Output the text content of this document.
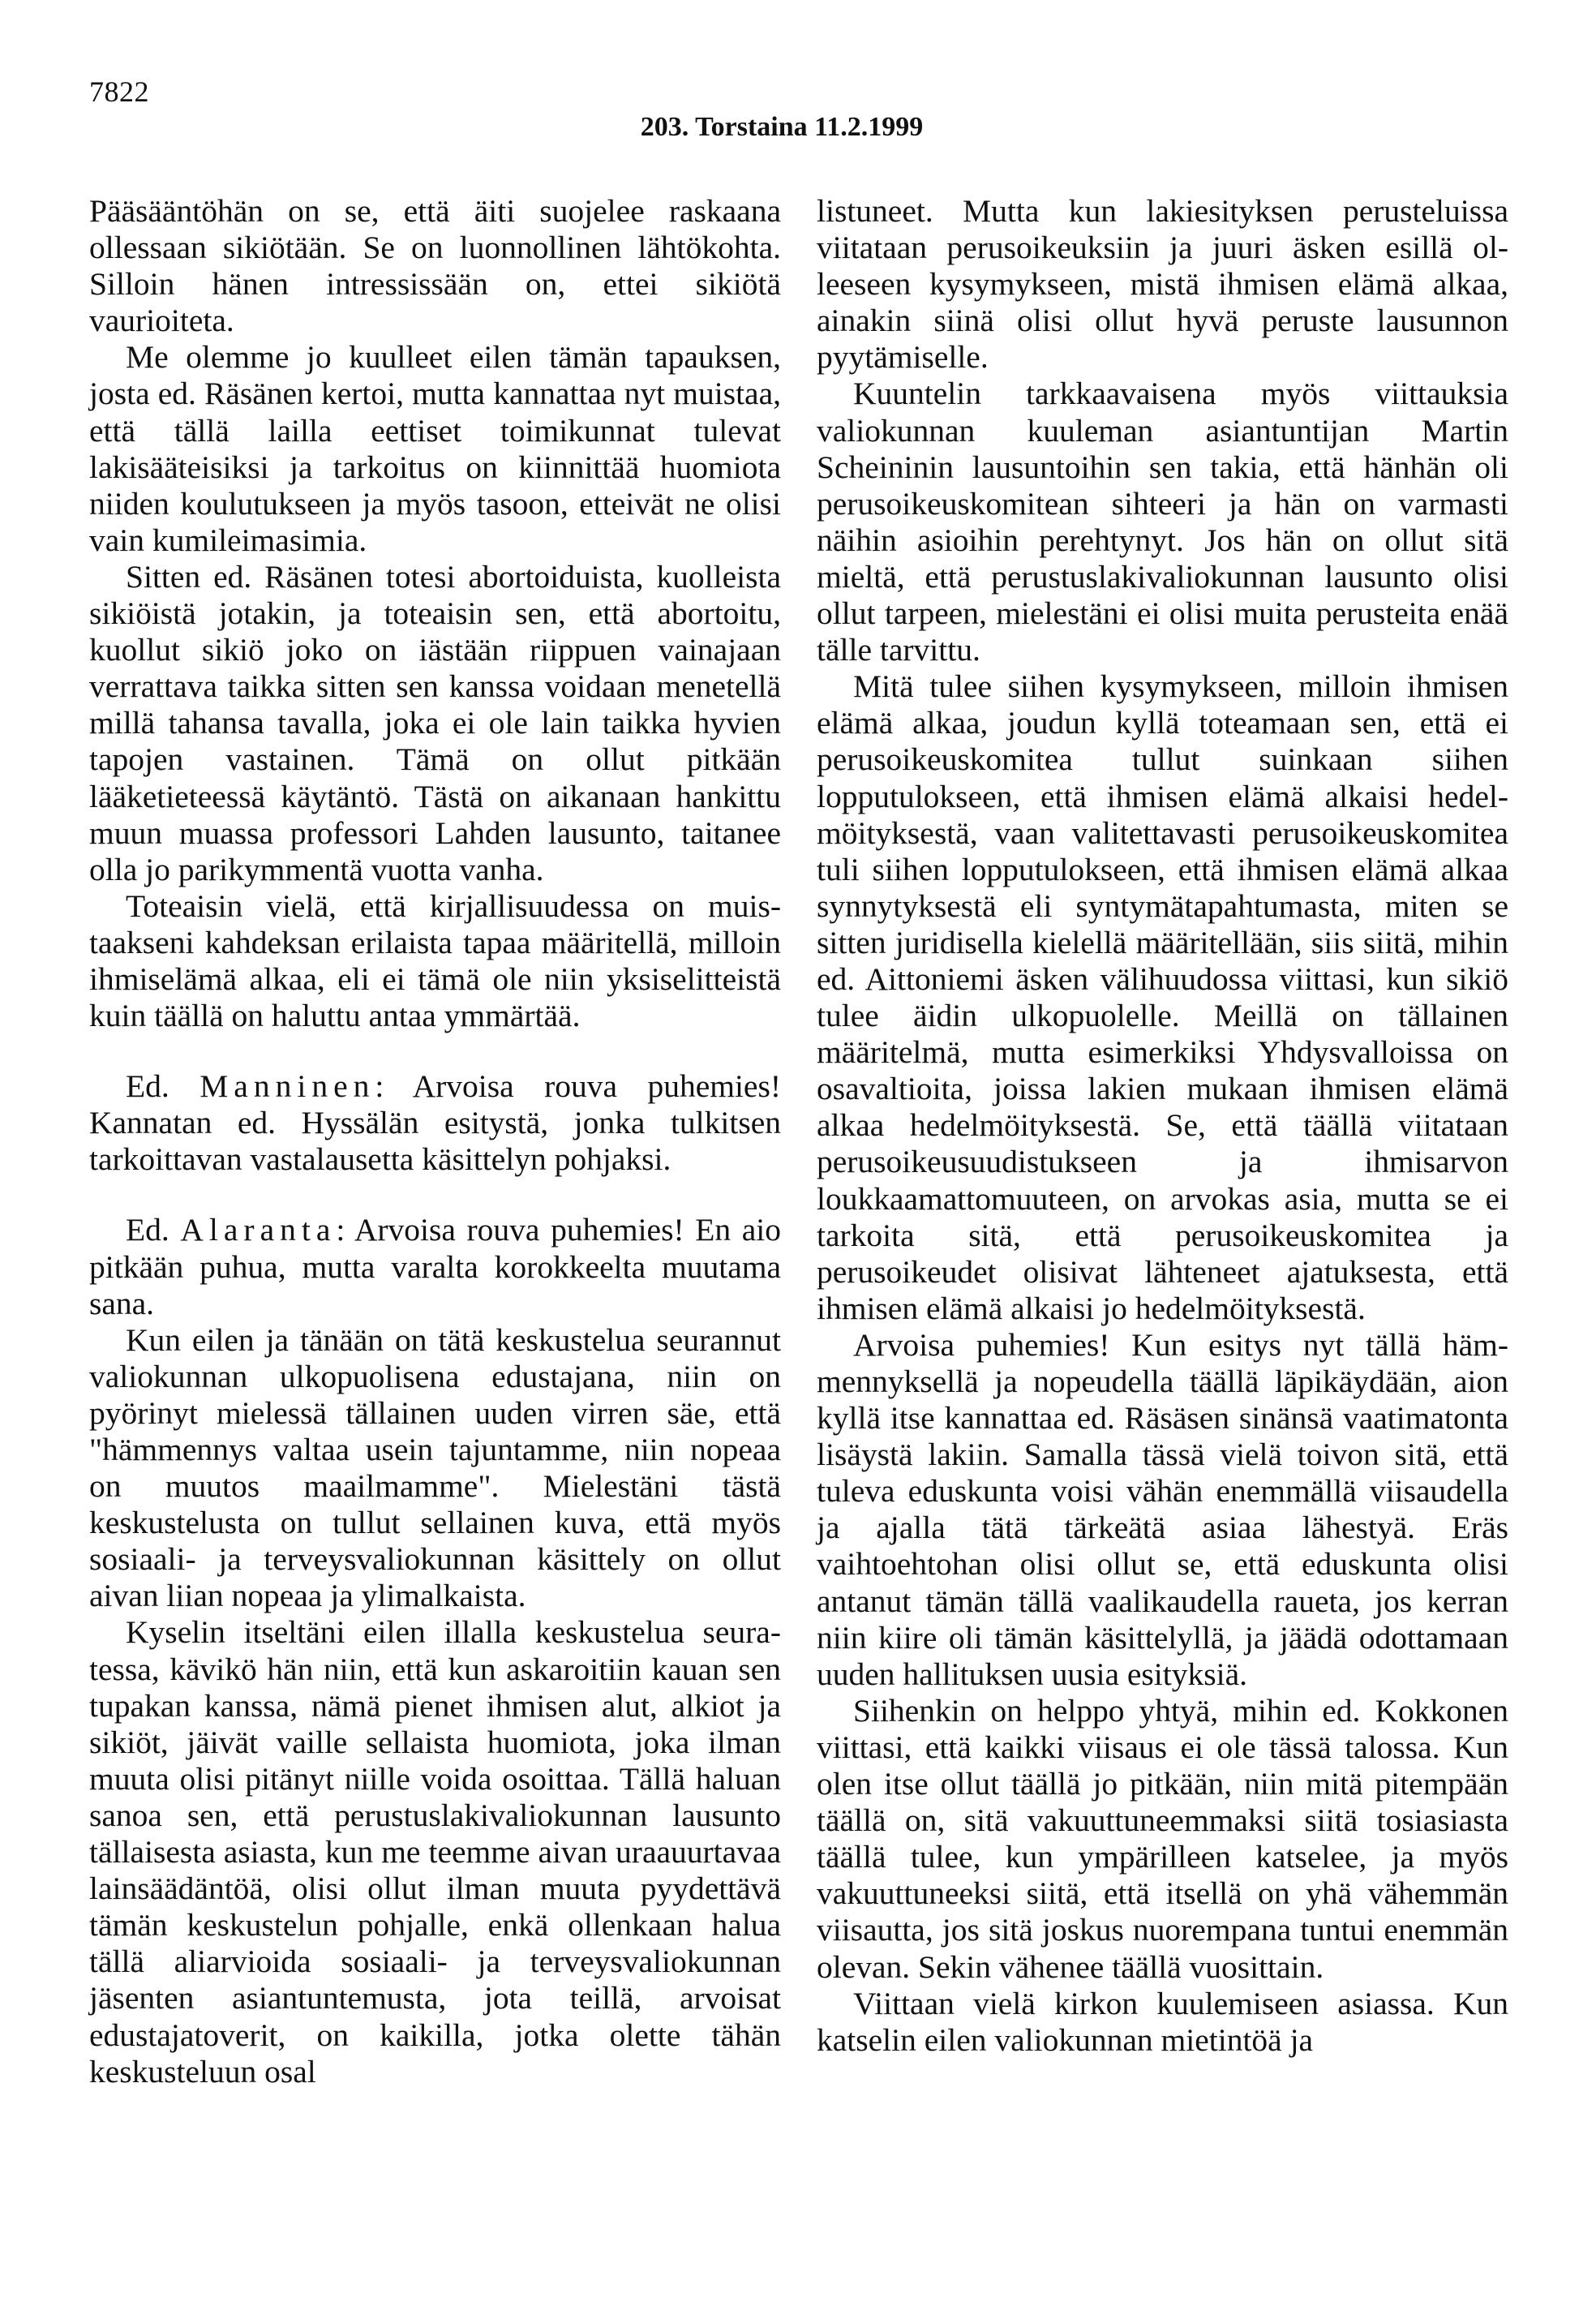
7822
203. Torstaina 11.2.1999

Pääsääntöhän on se, että äiti suojelee raskaana ollessaan sikiötään. Se on luonnollinen lähtökohta. Silloin hänen intressissään on, ettei sikiötä vaurioiteta.

Me olemme jo kuulleet eilen tämän tapauksen, josta ed. Räsänen kertoi, mutta kannattaa nyt muistaa, että tällä lailla eettiset toimikunnat tulevat lakisääteisiksi ja tarkoitus on kiinnittää huomiota niiden koulutukseen ja myös tasoon, etteivät ne olisi vain kumileimasimia.

Sitten ed. Räsänen totesi abortoiduista, kuolleista sikiöistä jotakin, ja toteaisin sen, että abortoitu, kuollut sikiö joko on iästään riippuen vainajaan verrattava taikka sitten sen kanssa voidaan menetellä millä tahansa tavalla, joka ei ole lain taikka hyvien tapojen vastainen. Tämä on ollut pitkään lääketieteessä käytäntö. Tästä on aikanaan hankittu muun muassa professori Lahden lausunto, taitanee olla jo parikymmentä vuotta vanha.

Toteaisin vielä, että kirjallisuudessa on muistaakseni kahdeksan erilaista tapaa määritellä, milloin ihmiselämä alkaa, eli ei tämä ole niin yksiselitteistä kuin täällä on haluttu antaa ymmärtää.

Ed. Manninen: Arvoisa rouva puhemies! Kannatan ed. Hyssälän esitystä, jonka tulkitsen tarkoittavan vastalausetta käsittelyn pohjaksi.

Ed. Alaranta: Arvoisa rouva puhemies! En aio pitkään puhua, mutta varalta korokkeelta muutama sana.

Kun eilen ja tänään on tätä keskustelua seurannut valiokunnan ulkopuolisena edustajana, niin on pyörinyt mielessä tällainen uuden virren säe, että "hämmennys valtaa usein tajuntamme, niin nopeaa on muutos maailmamme". Mielestäni tästä keskustelusta on tullut sellainen kuva, että myös sosiaali- ja terveysvaliokunnan käsittely on ollut aivan liian nopeaa ja ylimalkaista.

Kyselin itseltäni eilen illalla keskustelua seuratessa, kävikö hän niin, että kun askaroitiin kauan sen tupakan kanssa, nämä pienet ihmisen alut, alkiot ja sikiöt, jäivät vaille sellaista huomiota, joka ilman muuta olisi pitänyt niille voida osoittaa. Tällä haluan sanoa sen, että perustuslakivaliokunnan lausunto tällaisesta asiasta, kun me teemme aivan uraauurtavaa lainsäädäntöä, olisi ollut ilman muuta pyydettävä tämän keskustelun pohjalle, enkä ollenkaan halua tällä aliarvioida sosiaali- ja terveysvaliokunnan jäsenten asiantuntemusta, jota teillä, arvoisat edustajatoverit, on kaikilla, jotka olette tähän keskusteluun osal

listuneet. Mutta kun lakiesityksen perusteluissa viitataan perusoikeuksiin ja juuri äsken esillä olleeseen kysymykseen, mistä ihmisen elämä alkaa, ainakin siinä olisi ollut hyvä peruste lausunnon pyytämiselle.

Kuuntelin tarkkaavaisena myös viittauksia valiokunnan kuuleman asiantuntijan Martin Scheininin lausuntoihin sen takia, että hänhän oli perusoikeuskomitean sihteeri ja hän on varmasti näihin asioihin perehtynyt. Jos hän on ollut sitä mieltä, että perustuslakivaliokunnan lausunto olisi ollut tarpeen, mielestäni ei olisi muita perusteita enää tälle tarvittu.

Mitä tulee siihen kysymykseen, milloin ihmisen elämä alkaa, joudun kyllä toteamaan sen, että ei perusoikeuskomitea tullut suinkaan siihen lopputulokseen, että ihmisen elämä alkaisi hedelmöityksestä, vaan valitettavasti perusoikeuskomitea tuli siihen lopputulokseen, että ihmisen elämä alkaa synnytyksestä eli syntymätapahtumasta, miten se sitten juridisella kielellä määritellään, siis siitä, mihin ed. Aittoniemi äsken välihuudossa viittasi, kun sikiö tulee äidin ulkopuolelle. Meillä on tällainen määritelmä, mutta esimerkiksi Yhdysvalloissa on osavaltioita, joissa lakien mukaan ihmisen elämä alkaa hedelmöityksestä. Se, että täällä viitataan perusoikeusuudistukseen ja ihmisarvon loukkaamattomuuteen, on arvokas asia, mutta se ei tarkoita sitä, että perusoikeuskomitea ja perusoikeudet olisivat lähteneet ajatuksesta, että ihmisen elämä alkaisi jo hedelmöityksestä.

Arvoisa puhemies! Kun esitys nyt tällä hämmennyksellä ja nopeudella täällä läpikäydään, aion kyllä itse kannattaa ed. Räsäsen sinänsä vaatimatonta lisäystä lakiin. Samalla tässä vielä toivon sitä, että tuleva eduskunta voisi vähän enemmällä viisaudella ja ajalla tätä tärkeätä asiaa lähestyä. Eräs vaihtoehtohan olisi ollut se, että eduskunta olisi antanut tämän tällä vaalikaudella raueta, jos kerran niin kiire oli tämän käsittelyllä, ja jäädä odottamaan uuden hallituksen uusia esityksiä.

Siihenkin on helppo yhtyä, mihin ed. Kokkonen viittasi, että kaikki viisaus ei ole tässä talossa. Kun olen itse ollut täällä jo pitkään, niin mitä pitempään täällä on, sitä vakuuttuneemmaksi siitä tosiasiasta täällä tulee, kun ympärilleen katselee, ja myös vakuuttuneeksi siitä, että itsellä on yhä vähemmän viisautta, jos sitä joskus nuorempana tuntui enemmän olevan. Sekin vähenee täällä vuosittain.

Viittaan vielä kirkon kuulemiseen asiassa. Kun katselin eilen valiokunnan mietintöä ja
